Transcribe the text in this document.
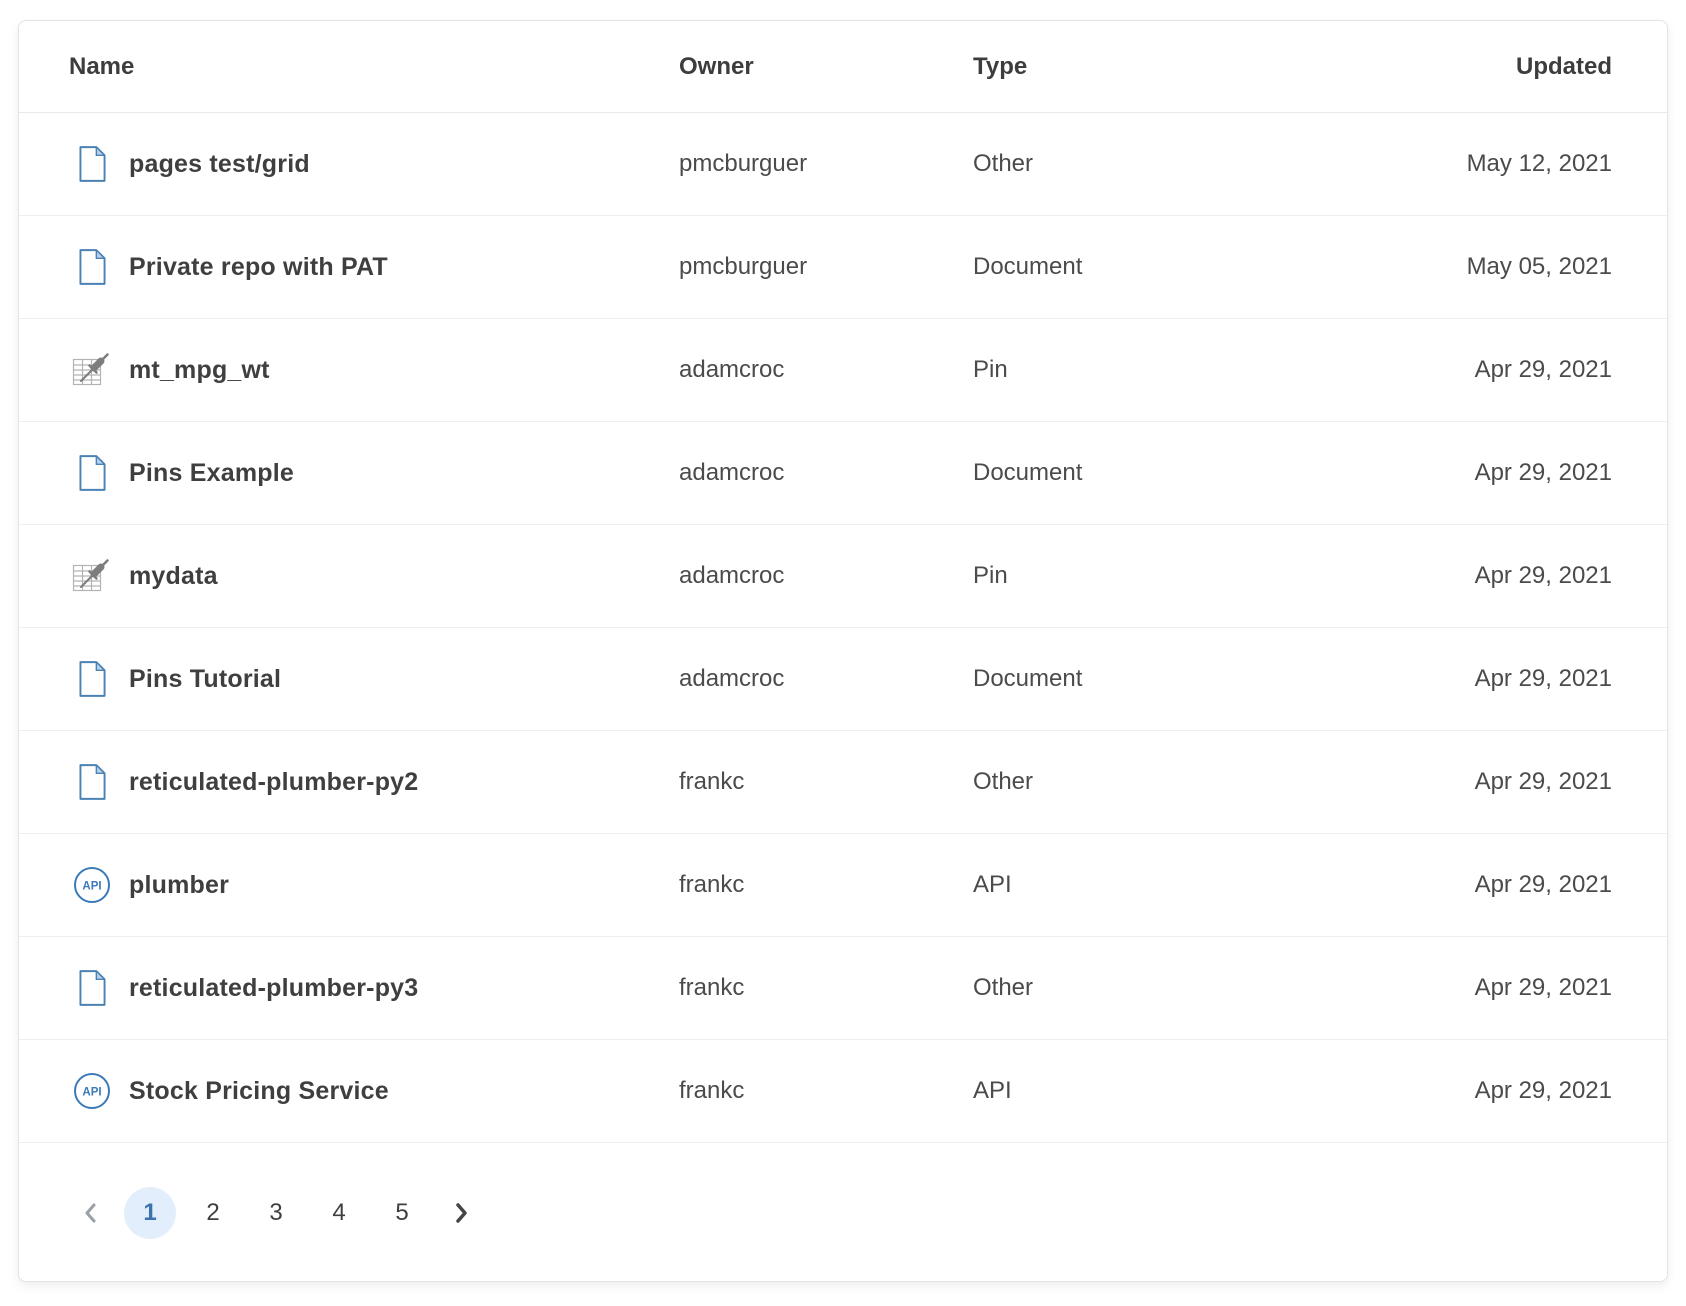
Name	Owner	Type	Updated
pages test/grid	pmcburguer	Other	May 12, 2021
Private repo with PAT	pmcburguer	Document	May 05, 2021
mt_mpg_wt	adamcroc	Pin	Apr 29, 2021
Pins Example	adamcroc	Document	Apr 29, 2021
mydata	adamcroc	Pin	Apr 29, 2021
Pins Tutorial	adamcroc	Document	Apr 29, 2021
reticulated-plumber-py2	frankc	Other	Apr 29, 2021
API plumber	frankc	API	Apr 29, 2021
reticulated-plumber-py3	frankc	Other	Apr 29, 2021
API Stock Pricing Service	frankc	API	Apr 29, 2021
1	2	3	4	5
